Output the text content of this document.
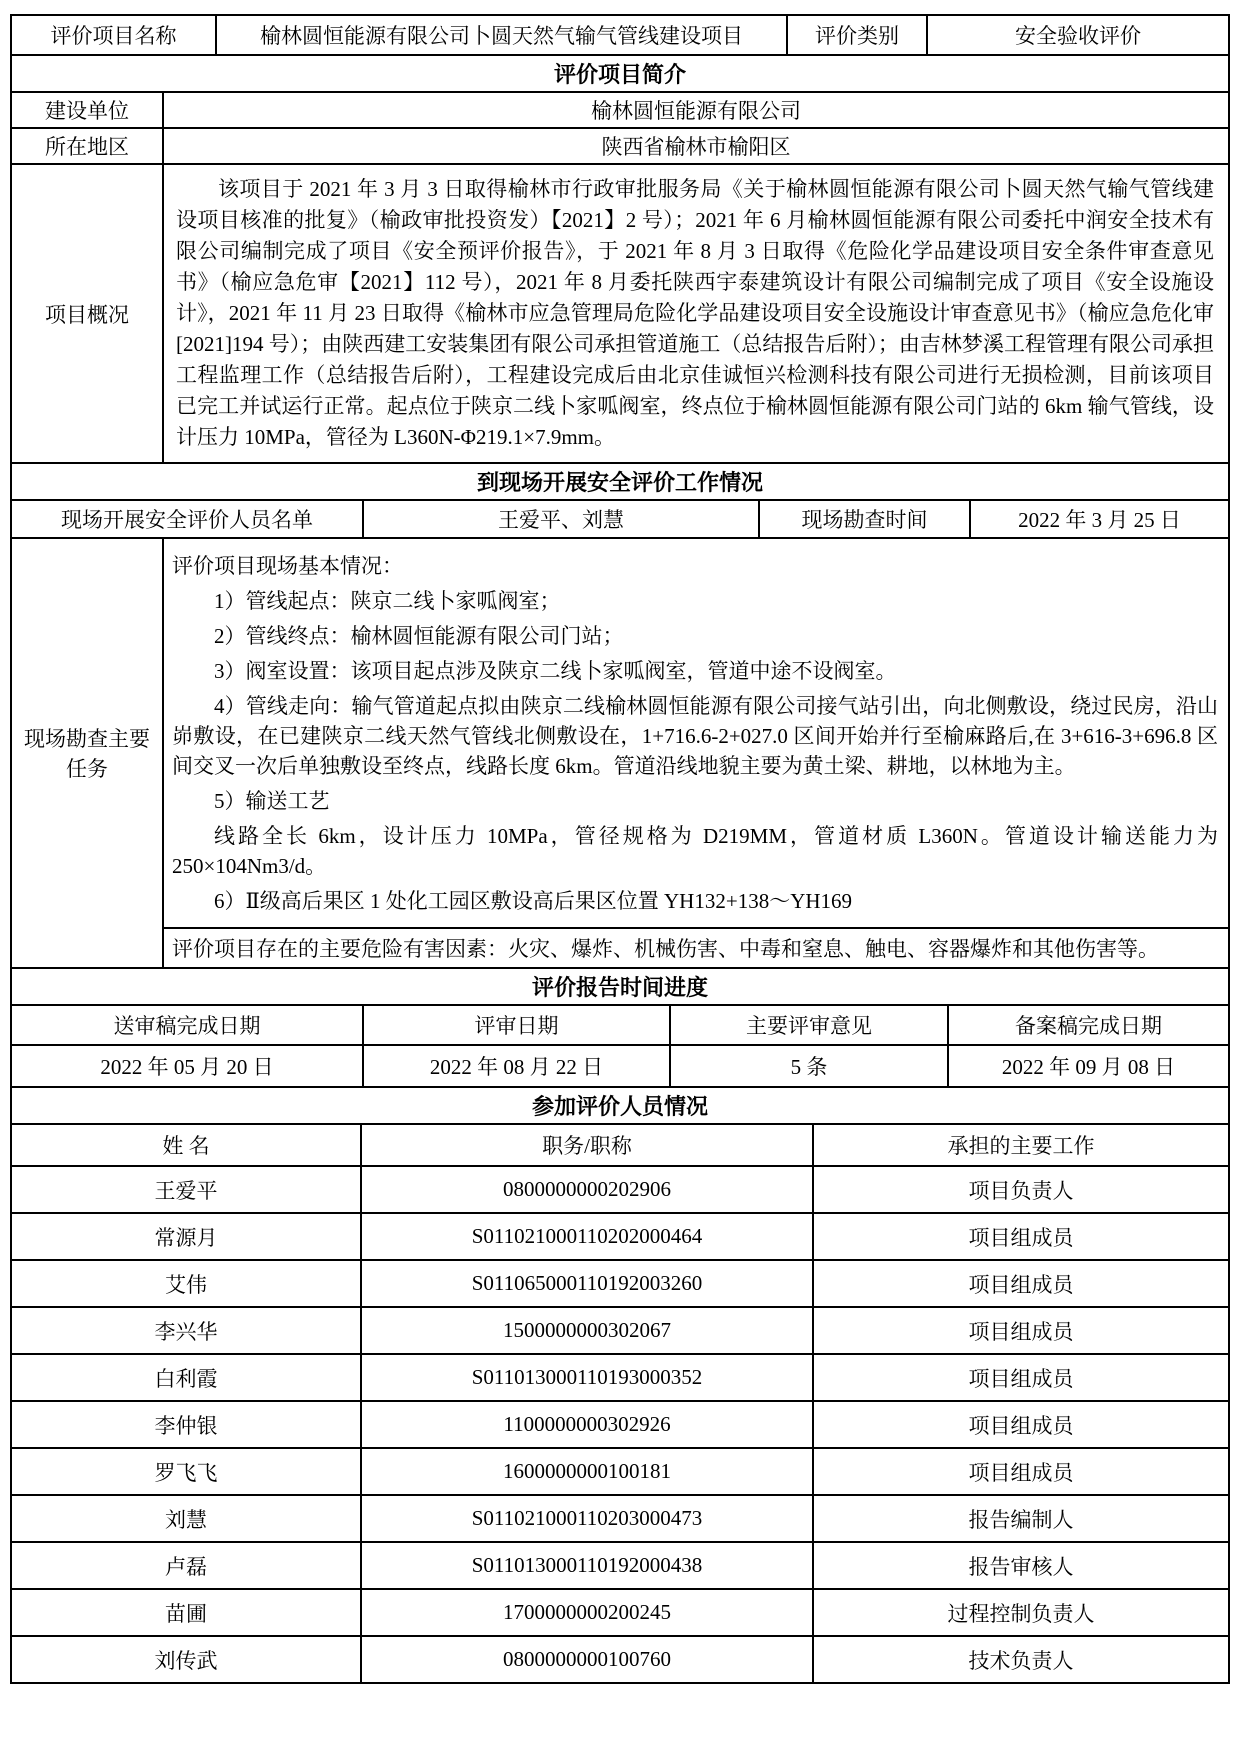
评价项目名称	榆林圆恒能源有限公司卜圆天然气输气管线建设项目	评价类别	安全验收评价
评价项目简介
建设单位	榆林圆恒能源有限公司
所在地区	陕西省榆林市榆阳区
项目概况

该项目于 2021 年 3 月 3 日取得榆林市行政审批服务局《关于榆林圆恒能源有限公司卜圆天然气输气管线建设项目核准的批复》（榆政审批投资发）【2021】2 号）；2021 年 6 月榆林圆恒能源有限公司委托中润安全技术有限公司编制完成了项目《安全预评价报告》，于 2021 年 8 月 3 日取得《危险化学品建设项目安全条件审查意见书》（榆应急危审【2021】112 号），2021 年 8 月委托陕西宇泰建筑设计有限公司编制完成了项目《安全设施设计》，2021 年 11 月 23 日取得《榆林市应急管理局危险化学品建设项目安全设施设计审查意见书》（榆应急危化审[2021]194 号）；由陕西建工安装集团有限公司承担管道施工（总结报告后附）；由吉林梦溪工程管理有限公司承担工程监理工作（总结报告后附），工程建设完成后由北京佳诚恒兴检测科技有限公司进行无损检测，目前该项目已完工并试运行正常。起点位于陕京二线卜家呱阀室，终点位于榆林圆恒能源有限公司门站的 6km 输气管线，设计压力 10MPa，管径为 L360N-Φ219.1×7.9mm。

到现场开展安全评价工作情况
现场开展安全评价人员名单	王爱平、刘慧	现场勘查时间	2022 年 3 月 25 日
现场勘查主要任务

评价项目现场基本情况：

1）管线起点：陕京二线卜家呱阀室；

2）管线终点：榆林圆恒能源有限公司门站；

3）阀室设置：该项目起点涉及陕京二线卜家呱阀室，管道中途不设阀室。

4）管线走向：输气管道起点拟由陕京二线榆林圆恒能源有限公司接气站引出，向北侧敷设，绕过民房，沿山峁敷设，在已建陕京二线天然气管线北侧敷设在，1+716.6-2+027.0 区间开始并行至榆麻路后,在 3+616-3+696.8 区间交叉一次后单独敷设至终点，线路长度 6km。管道沿线地貌主要为黄土梁、耕地，以林地为主。

5）输送工艺

线路全长 6km，设计压力 10MPa，管径规格为 D219MM，管道材质 L360N。管道设计输送能力为 250×104Nm3/d。

6）Ⅱ级高后果区 1 处化工园区敷设高后果区位置 YH132+138～YH169

评价项目存在的主要危险有害因素：火灾、爆炸、机械伤害、中毒和窒息、触电、容器爆炸和其他伤害等。
评价报告时间进度
送审稿完成日期	评审日期	主要评审意见	备案稿完成日期
2022 年 05 月 20 日	2022 年 08 月 22 日	5 条	2022 年 09 月 08 日
参加评价人员情况
姓 名	职务/职称	承担的主要工作
王爱平	0800000000202906	项目负责人
常源月	S011021000110202000464	项目组成员
艾伟	S011065000110192003260	项目组成员
李兴华	1500000000302067	项目组成员
白利霞	S011013000110193000352	项目组成员
李仲银	1100000000302926	项目组成员
罗飞飞	1600000000100181	项目组成员
刘慧	S011021000110203000473	报告编制人
卢磊	S011013000110192000438	报告审核人
苗圃	1700000000200245	过程控制负责人
刘传武	0800000000100760	技术负责人
